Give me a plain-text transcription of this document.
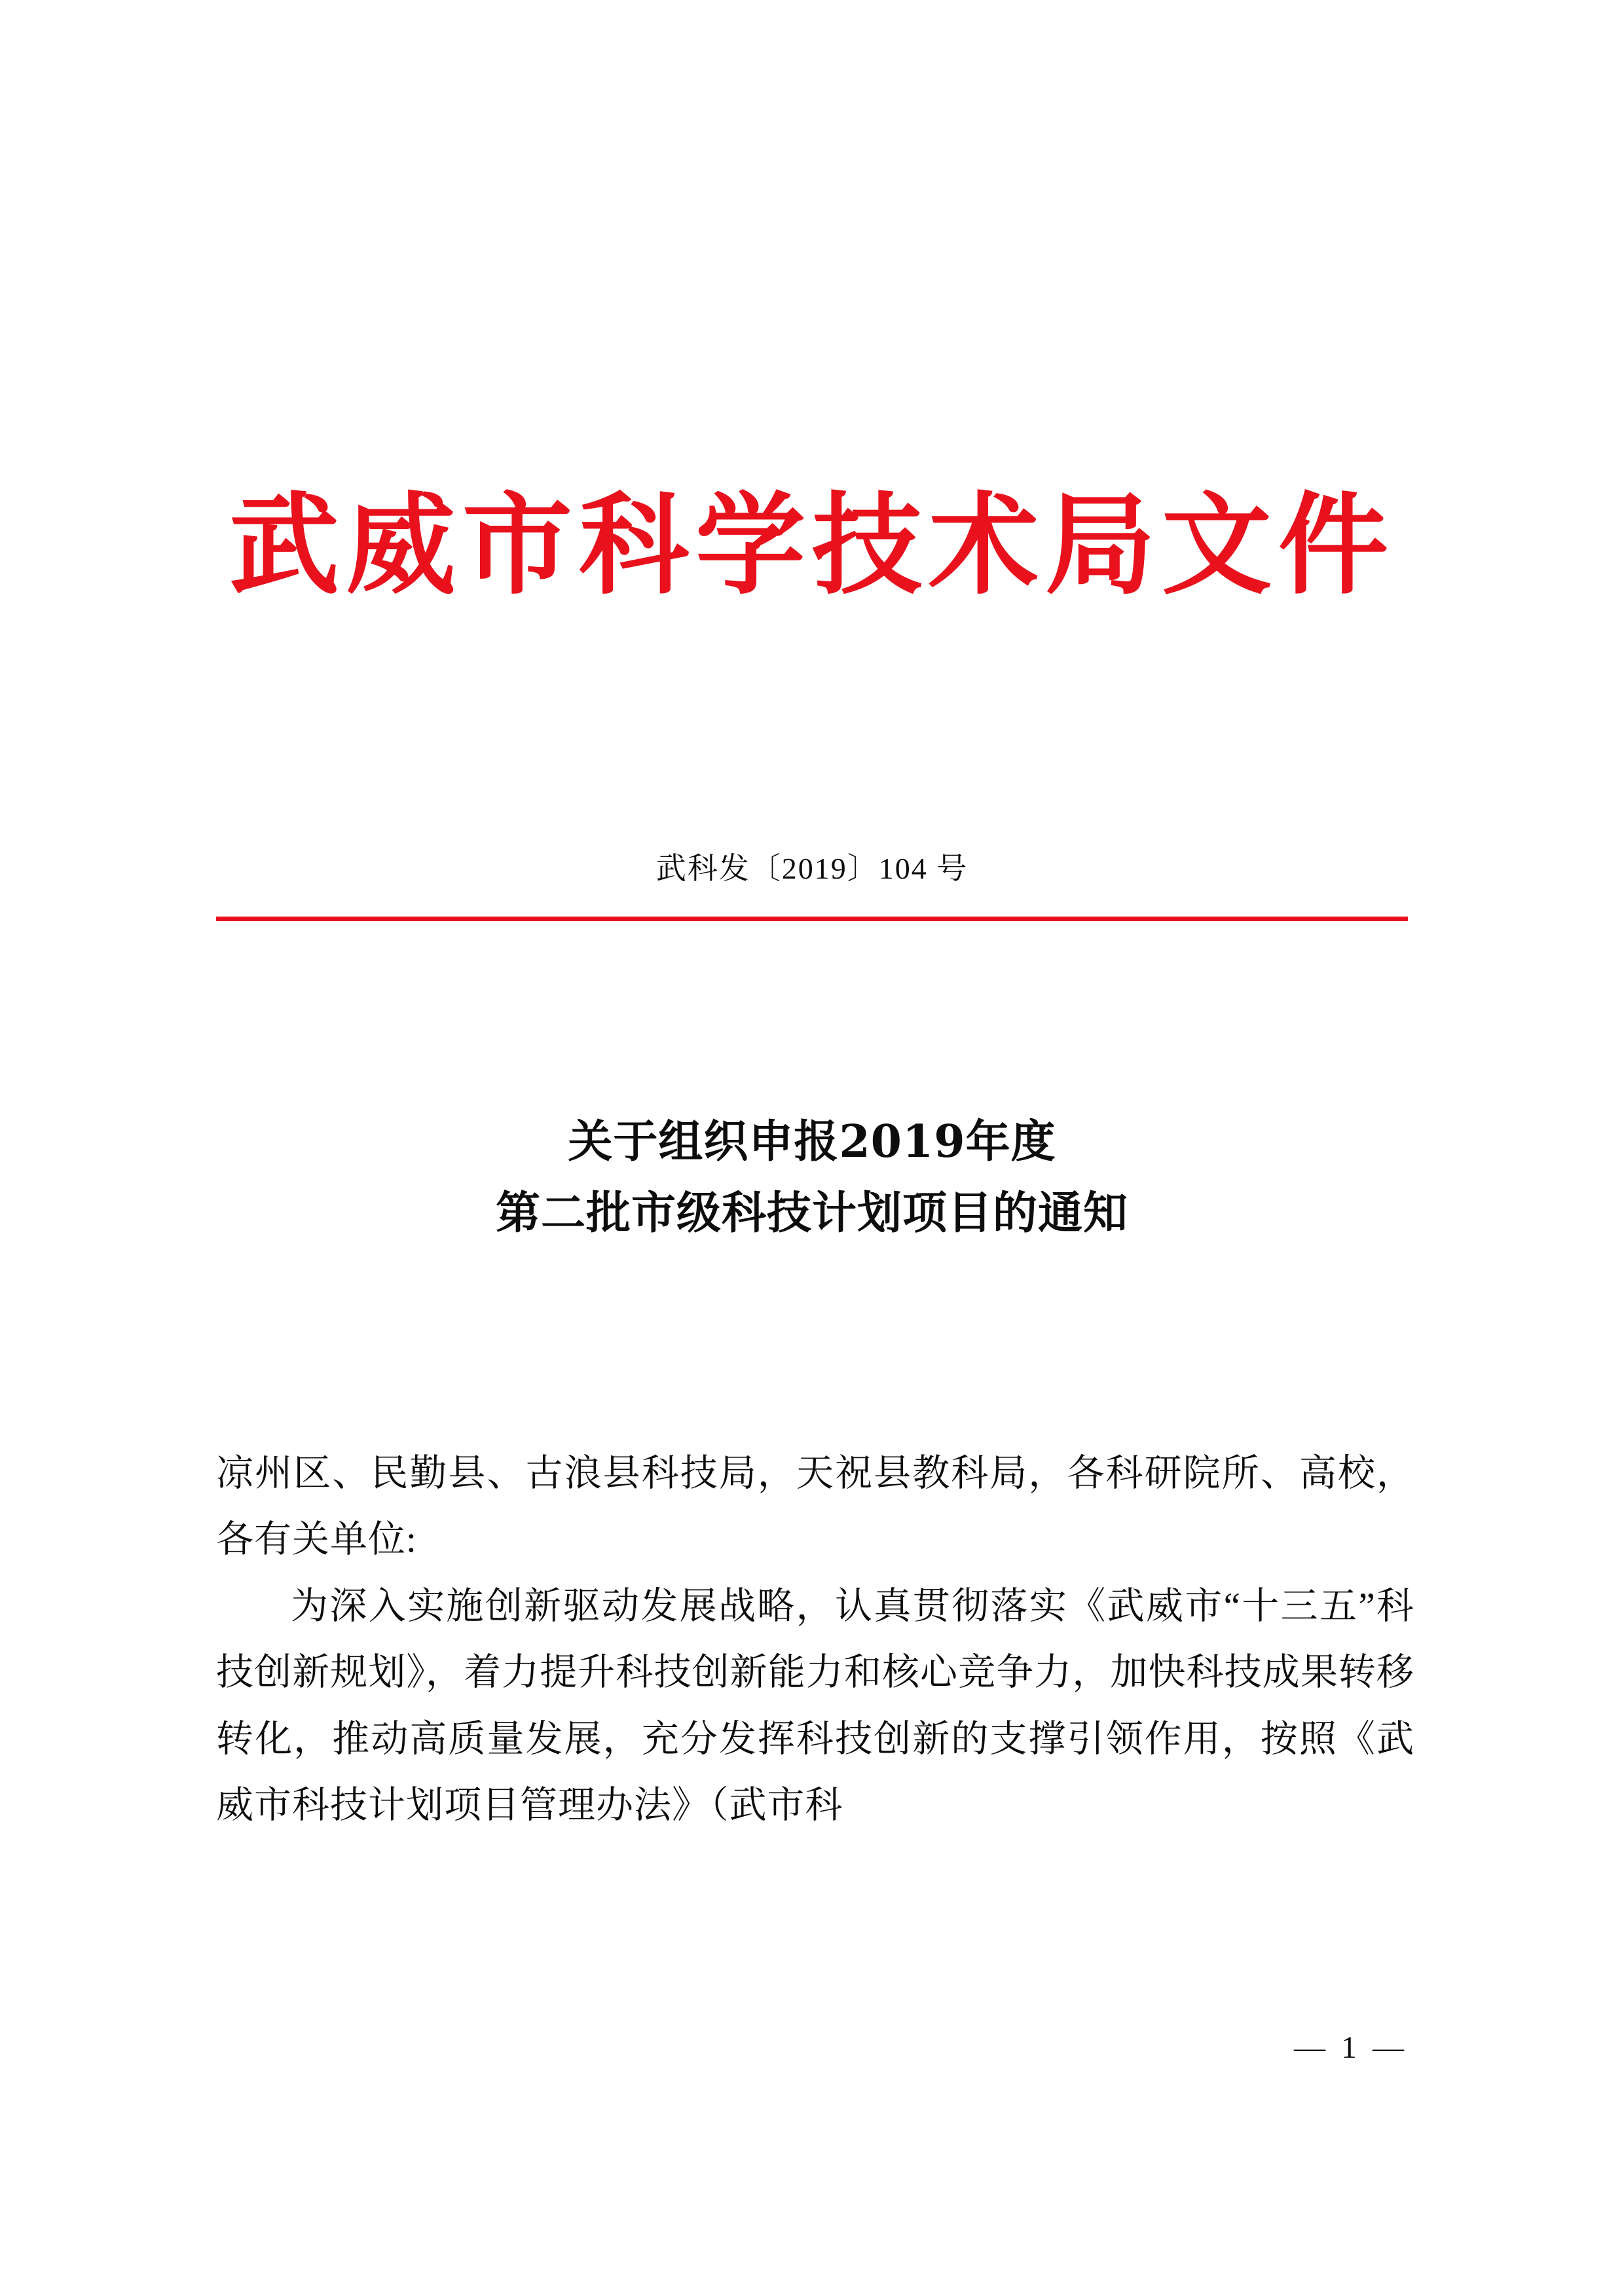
武威市科学技术局文件
武科发〔2019〕104 号
关于组织申报2019年度
第二批市级科技计划项目的通知

凉州区、民勤县、古浪县科技局，天祝县教科局，各科研院所、高校，各有关单位:

为深入实施创新驱动发展战略，认真贯彻落实《武威市“十三五”科技创新规划》，着力提升科技创新能力和核心竞争力，加快科技成果转移转化，推动高质量发展，充分发挥科技创新的支撑引领作用，按照《武威市科技计划项目管理办法》（武市科

— 1 —
